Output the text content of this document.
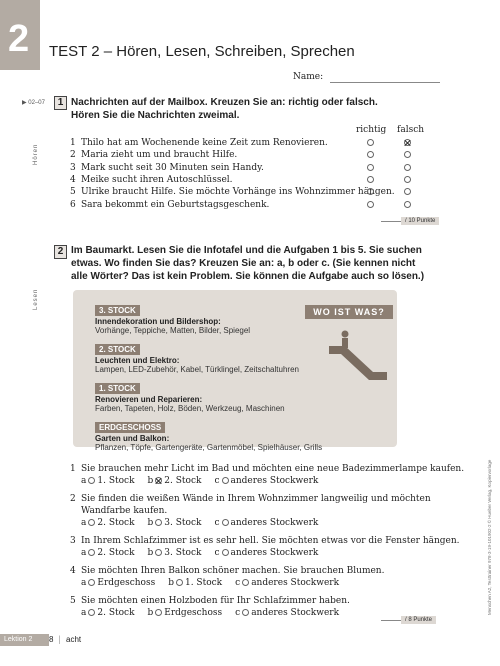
2 TEST 2 – Hören, Lesen, Schreiben, Sprechen
Name:
▶ 02–07	1
Hören
Nachrichten auf der Mailbox. Kreuzen Sie an: richtig oder falsch.
Hören Sie die Nachrichten zweimal.
richtig falsch
1 Thilo hat am Wochenende keine Zeit zum Renovieren.
2 Maria zieht um und braucht Hilfe.
3 Mark sucht seit 30 Minuten sein Handy.
4 Meike sucht ihren Autoschlüssel.
5 Ulrike braucht Hilfe. Sie möchte Vorhänge ins Wohnzimmer hängen.
6 Sara bekommt ein Geburtstagsgeschenk.
/ 10 Punkte
2
Lesen
Im Baumarkt. Lesen Sie die Infotafel und die Aufgaben 1 bis 5. Sie suchen
etwas. Wo finden Sie das? Kreuzen Sie an: a, b oder c. (Sie kennen nicht
alle Wörter? Das ist kein Problem. Sie können die Aufgabe auch so lösen.)
3. STOCK
Innendekoration und Bildershop:
Vorhänge, Teppiche, Matten, Bilder, Spiegel
2. STOCK
Leuchten und Elektro:
Lampen, LED-Zubehör, Kabel, Türklingel, Zeitschaltuhren
1. STOCK
Renovieren und Reparieren:
Farben, Tapeten, Holz, Böden, Werkzeug, Maschinen
ERDGESCHOSS
Garten und Balkon:
Pflanzen, Töpfe, Gartengeräte, Gartenmöbel, Spielhäuser, Grills
WO IST WAS?
1 Sie brauchen mehr Licht im Bad und möchten eine neue Badezimmerlampe kaufen.
a 1. Stock b 2. Stock c anderes Stockwerk
2 Sie finden die weißen Wände in Ihrem Wohnzimmer langweilig und möchten
Wandfarbe kaufen.
a 2. Stock b 3. Stock c anderes Stockwerk
3 In Ihrem Schlafzimmer ist es sehr hell. Sie möchten etwas vor die Fenster hängen.
a 2. Stock b 3. Stock c anderes Stockwerk
4 Sie möchten Ihren Balkon schöner machen. Sie brauchen Blumen.
a Erdgeschoss b 1. Stock c anderes Stockwerk
5 Sie möchten einen Holzboden für Ihr Schlafzimmer haben.
a 2. Stock b Erdgeschoss c anderes Stockwerk
/ 8 Punkte
Lektion 2	8 | acht
Menschen A2, Testtrainer 978-3-19-101902-2 © Hueber Verlag, Kopiervorlage
